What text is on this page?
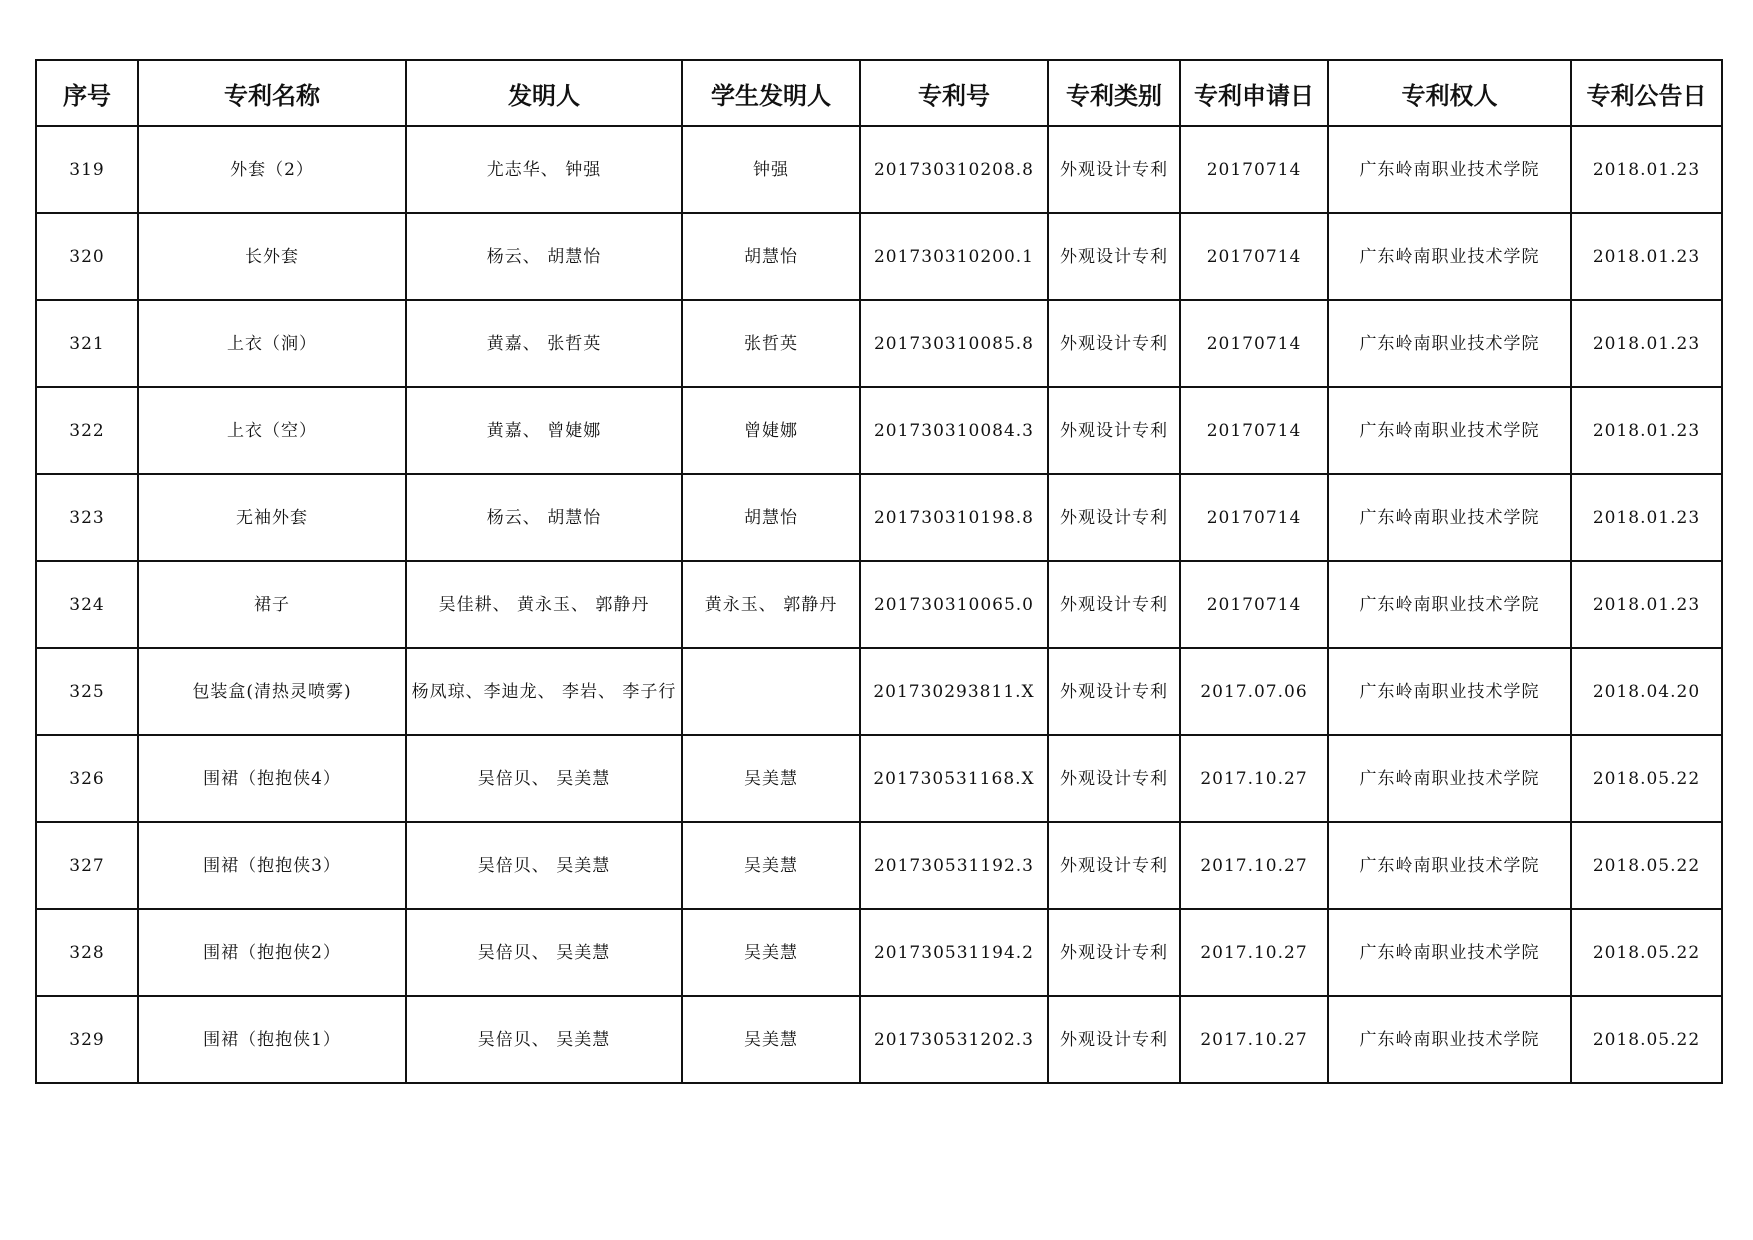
序号	专利名称	发明人	学生发明人	专利号	专利类别	专利申请日	专利权人	专利公告日
319	外套（2）	尤志华、 钟强	钟强	201730310208.8	外观设计专利	20170714	广东岭南职业技术学院	2018.01.23
320	长外套	杨云、 胡慧怡	胡慧怡	201730310200.1	外观设计专利	20170714	广东岭南职业技术学院	2018.01.23
321	上衣（涧）	黄嘉、 张哲英	张哲英	201730310085.8	外观设计专利	20170714	广东岭南职业技术学院	2018.01.23
322	上衣（空）	黄嘉、 曾婕娜	曾婕娜	201730310084.3	外观设计专利	20170714	广东岭南职业技术学院	2018.01.23
323	无袖外套	杨云、 胡慧怡	胡慧怡	201730310198.8	外观设计专利	20170714	广东岭南职业技术学院	2018.01.23
324	裙子	吴佳耕、 黄永玉、 郭静丹	黄永玉、 郭静丹	201730310065.0	外观设计专利	20170714	广东岭南职业技术学院	2018.01.23
325	包装盒(清热灵喷雾)	杨凤琼、李迪龙、 李岩、 李子行		201730293811.X	外观设计专利	2017.07.06	广东岭南职业技术学院	2018.04.20
326	围裙（抱抱侠4）	吴倍贝、 吴美慧	吴美慧	201730531168.X	外观设计专利	2017.10.27	广东岭南职业技术学院	2018.05.22
327	围裙（抱抱侠3）	吴倍贝、 吴美慧	吴美慧	201730531192.3	外观设计专利	2017.10.27	广东岭南职业技术学院	2018.05.22
328	围裙（抱抱侠2）	吴倍贝、 吴美慧	吴美慧	201730531194.2	外观设计专利	2017.10.27	广东岭南职业技术学院	2018.05.22
329	围裙（抱抱侠1）	吴倍贝、 吴美慧	吴美慧	201730531202.3	外观设计专利	2017.10.27	广东岭南职业技术学院	2018.05.22
